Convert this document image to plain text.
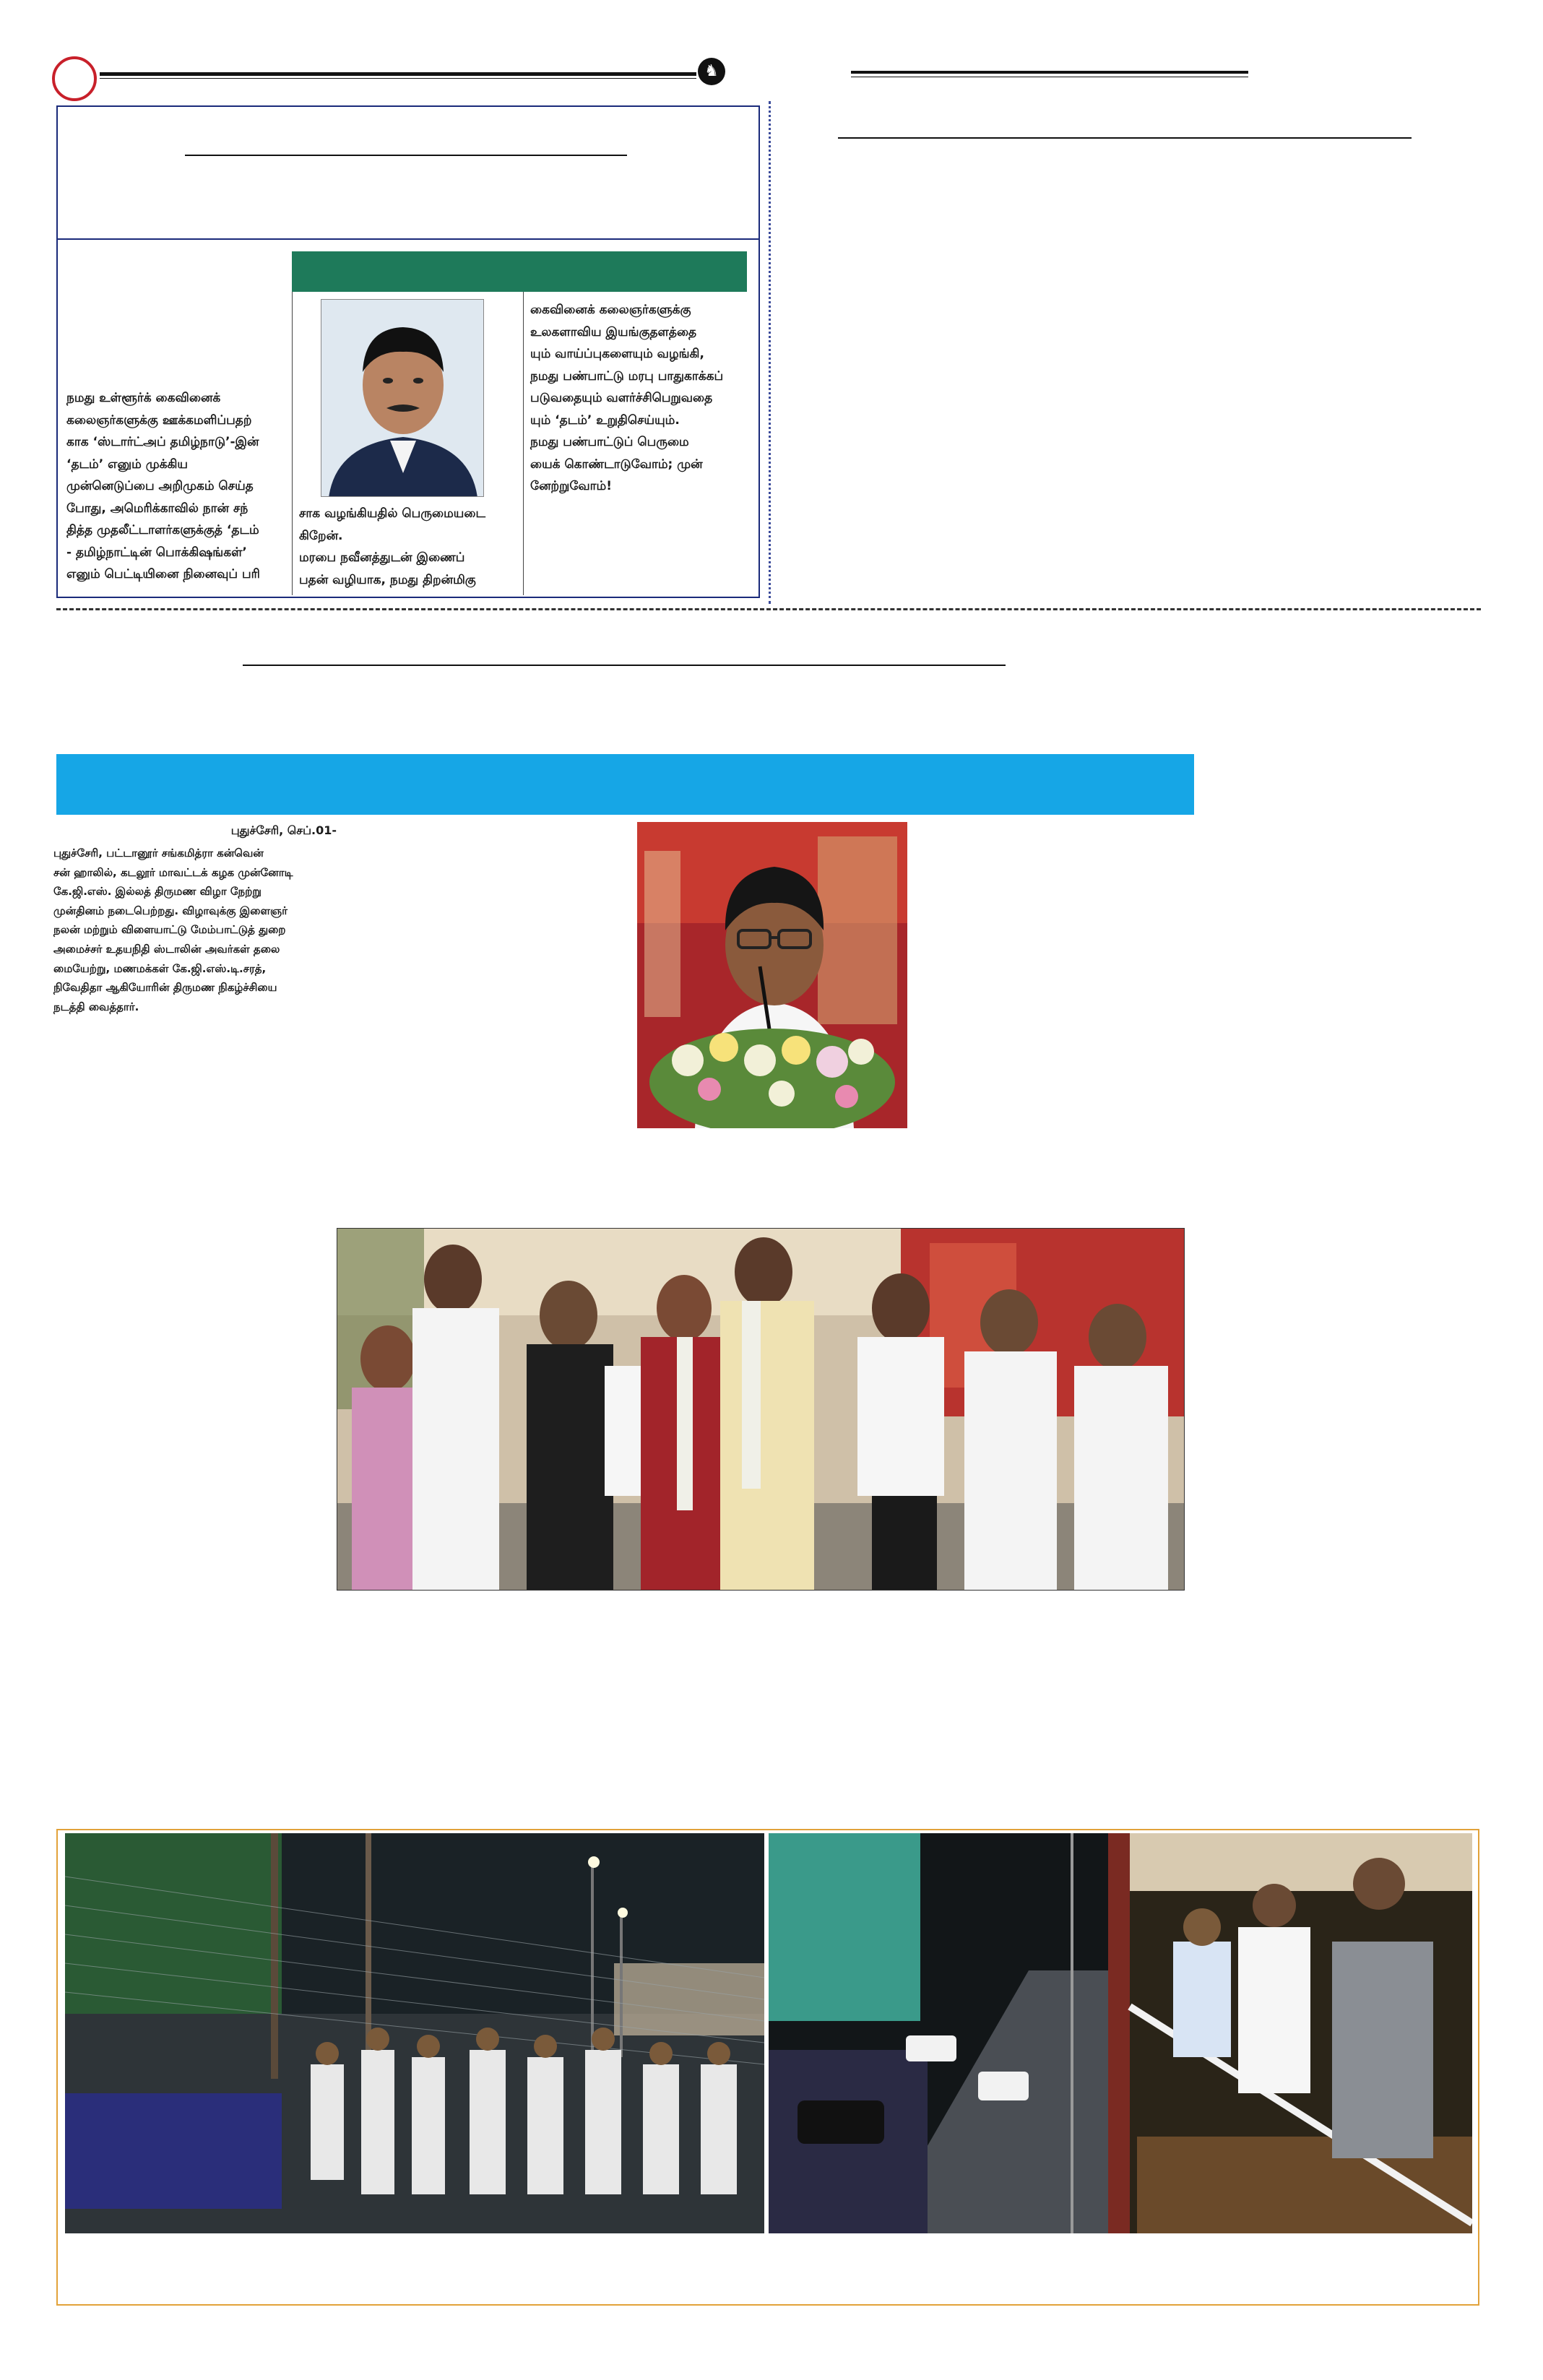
♞
நமது உள்ளூர்க் கைவினைக்
கலைஞர்களுக்கு ஊக்கமளிப்பதற்
காக ‘ஸ்டார்ட்அப் தமிழ்நாடு’-இன்
‘தடம்’ எனும் முக்கிய
முன்னெடுப்பை அறிமுகம் செய்த
போது, அமெரிக்காவில் நான் சந்
தித்த முதலீட்டாளர்களுக்குத் ‘தடம்
- தமிழ்நாட்டின் பொக்கிஷங்கள்’
எனும் பெட்டியினை நினைவுப் பரி
சாக வழங்கியதில் பெருமையடை
கிறேன்.
மரபை நவீனத்துடன் இணைப்
பதன் வழியாக, நமது திறன்மிகு
கைவினைக் கலைஞர்களுக்கு
உலகளாவிய இயங்குதளத்தை
யும் வாய்ப்புகளையும் வழங்கி,
நமது பண்பாட்டு மரபு பாதுகாக்கப்
படுவதையும் வளர்ச்சிபெறுவதை
யும் ‘தடம்’ உறுதிசெய்யும்.
நமது பண்பாட்டுப் பெருமை
யைக் கொண்டாடுவோம்; முன்
னேற்றுவோம்!
புதுச்சேரி, செப்.01-
புதுச்சேரி, பட்டானூர் சங்கமித்ரா கன்வென்
சன் ஹாலில், கடலூர் மாவட்டக் கழக முன்னோடி
கே.ஜி.எஸ். இல்லத் திருமண விழா நேற்று
முன்தினம் நடைபெற்றது. விழாவுக்கு இளைஞர்
நலன் மற்றும் விளையாட்டு மேம்பாட்டுத் துறை
அமைச்சர் உதயநிதி ஸ்டாலின் அவர்கள் தலை
மையேற்று, மணமக்கள் கே.ஜி.எஸ்.டி.சரத்,
நிவேதிதா ஆகியோரின் திருமண நிகழ்ச்சியை
நடத்தி வைத்தார்.
